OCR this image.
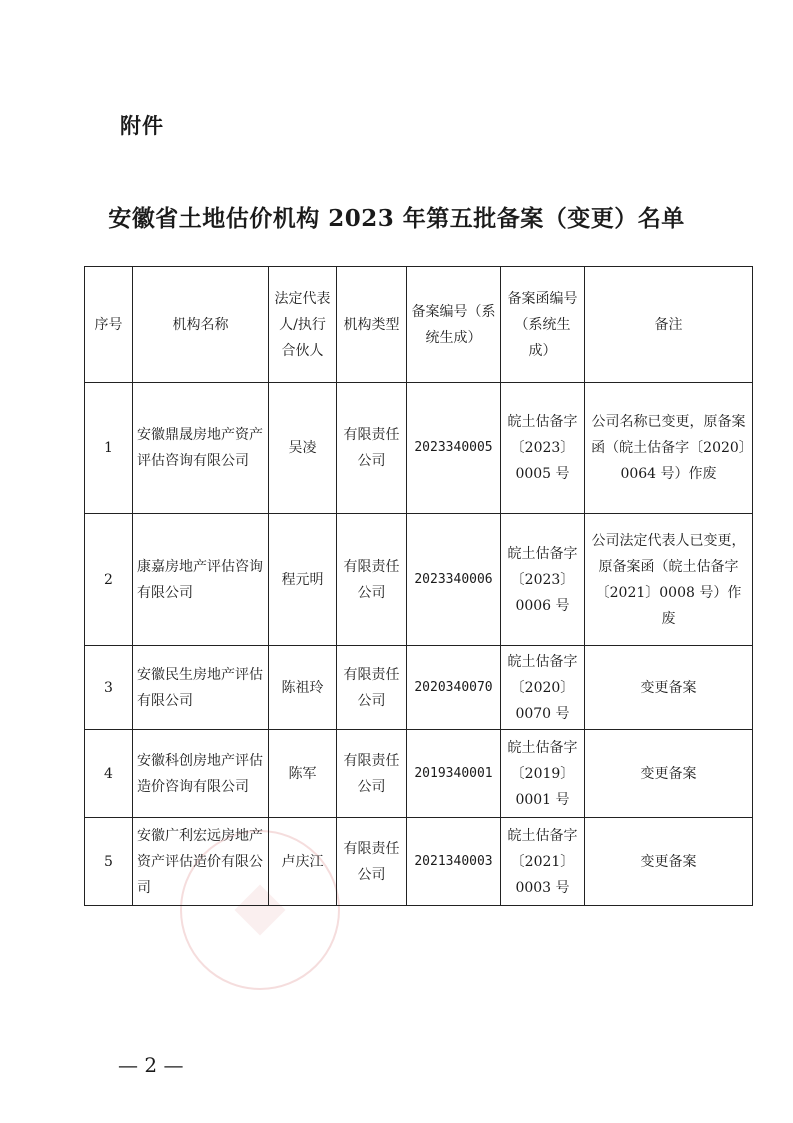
附件
安徽省土地估价机构 2023 年第五批备案（变更）名单
序号	机构名称	法定代表人/执行合伙人	机构类型	备案编号（系统生成）	备案函编号（系统生成）	备注
1	安徽鼎晟房地产资产评估咨询有限公司	吴凌	有限责任公司	2023340005	皖土估备字〔2023〕0005 号	公司名称已变更，原备案函（皖土估备字〔2020〕0064 号）作废
2	康嘉房地产评估咨询有限公司	程元明	有限责任公司	2023340006	皖土估备字〔2023〕0006 号	公司法定代表人已变更，原备案函（皖土估备字〔2021〕0008 号）作废
3	安徽民生房地产评估有限公司	陈祖玲	有限责任公司	2020340070	皖土估备字〔2020〕0070 号	变更备案
4	安徽科创房地产评估造价咨询有限公司	陈军	有限责任公司	2019340001	皖土估备字〔2019〕0001 号	变更备案
5	安徽广利宏远房地产资产评估造价有限公司	卢庆江	有限责任公司	2021340003	皖土估备字〔2021〕0003 号	变更备案
— 2 —
